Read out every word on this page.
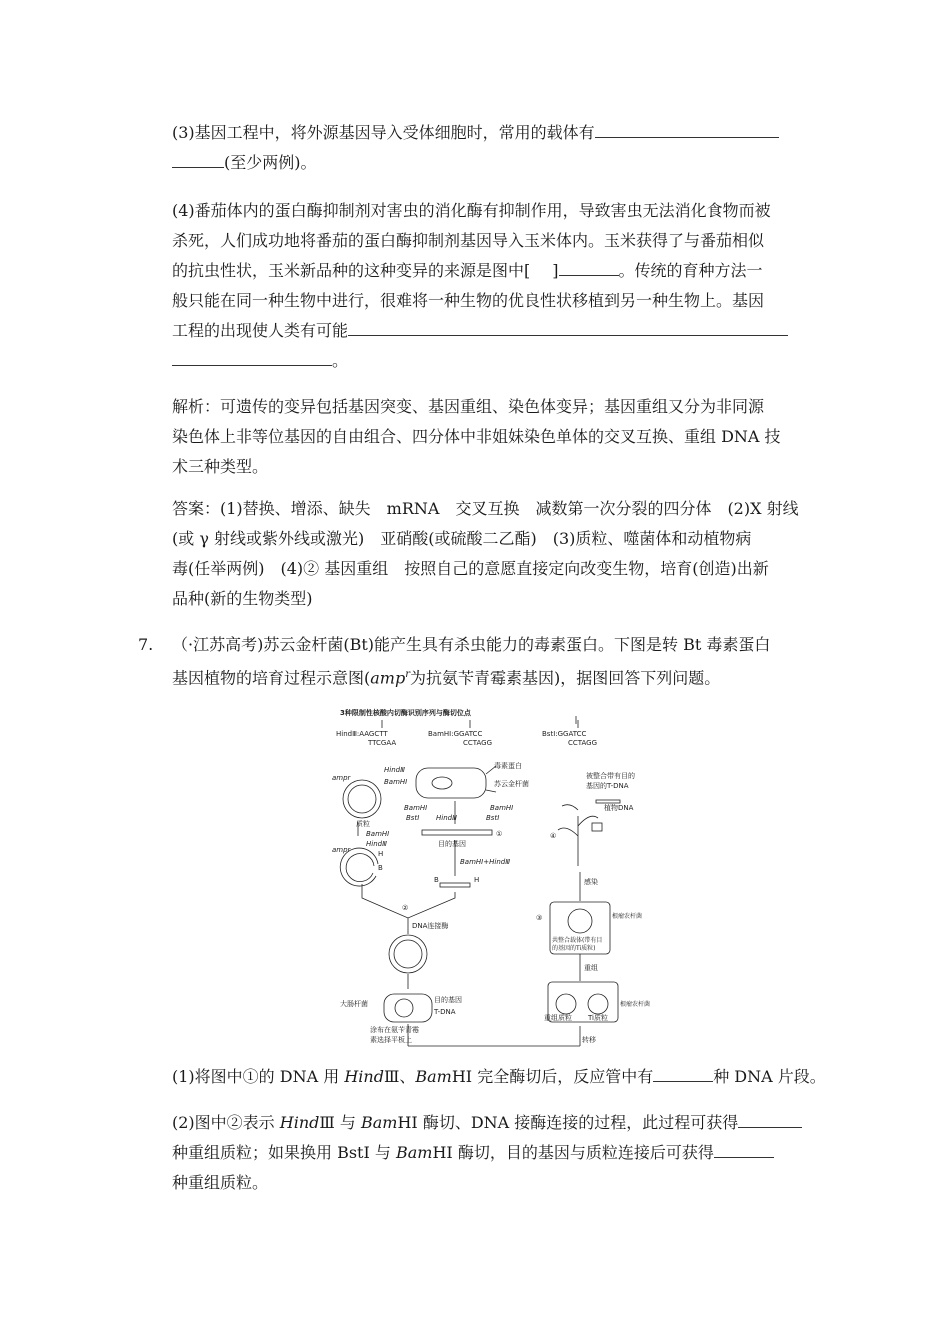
(3)基因工程中，将外源基因导入受体细胞时，常用的载体有
(至少两例)。
(4)番茄体内的蛋白酶抑制剂对害虫的消化酶有抑制作用，导致害虫无法消化食物而被
杀死，人们成功地将番茄的蛋白酶抑制剂基因导入玉米体内。玉米获得了与番茄相似
的抗虫性状，玉米新品种的这种变异的来源是图中[ ]	。传统的育种方法一
般只能在同一种生物中进行，很难将一种生物的优良性状移植到另一种生物上。基因
工程的出现使人类有可能
。
解析：可遗传的变异包括基因突变、基因重组、染色体变异；基因重组又分为非同源
染色体上非等位基因的自由组合、四分体中非姐妹染色单体的交叉互换、重组 DNA 技
术三种类型。
答案：(1)替换、增添、缺失　mRNA　交叉互换　减数第一次分裂的四分体　(2)X 射线
(或 γ 射线或紫外线或激光)　亚硝酸(或硫酸二乙酯)　(3)质粒、噬菌体和动植物病
毒(任举两例)　(4)② 基因重组　按照自己的意愿直接定向改变生物，培育(创造)出新
品种(新的生物类型)
7. （·江苏高考)苏云金杆菌(Bt)能产生具有杀虫能力的毒素蛋白。下图是转 Bt 毒素蛋白
基因植物的培育过程示意图(amp$^r$为抗氨苄青霉素基因)，据图回答下列问题。
3种限制性核酸内切酶识别序列与酶切位点
HindⅢ:AAGCTT
TTCGAA
BamHⅠ:GGATCC
CCTAGG
BstⅠ:GGATCC
CCTAGG
毒素蛋白
苏云金杆菌
ampr
HindⅢ
BamHⅠ
质粒
BamHⅠ
HindⅢ
ampr	H
B
BamHⅠ	BamHⅠ
BstⅠ HindⅢ	BstⅠ
①
目的基因
BamHⅠ+HindⅢ
B	H
②
DNA连接酶
大肠杆菌	目的基因
T-DNA
涂布在氨苄青霉
素选择平板上	转移
重组质粒 Ti质粒
根瘤农杆菌
重组
③
共整合载体(带有目
的基因的Ti质粒)
根瘤农杆菌
感染
④
被整合带有目的
基因的T-DNA
植物DNA
(1)将图中①的 DNA 用 HindⅢ、BamHⅠ 完全酶切后，反应管中有	种 DNA 片段。
(2)图中②表示 HindⅢ 与 BamHⅠ 酶切、DNA 接酶连接的过程，此过程可获得
种重组质粒；如果换用 BstⅠ 与 BamHⅠ 酶切，目的基因与质粒连接后可获得
种重组质粒。
